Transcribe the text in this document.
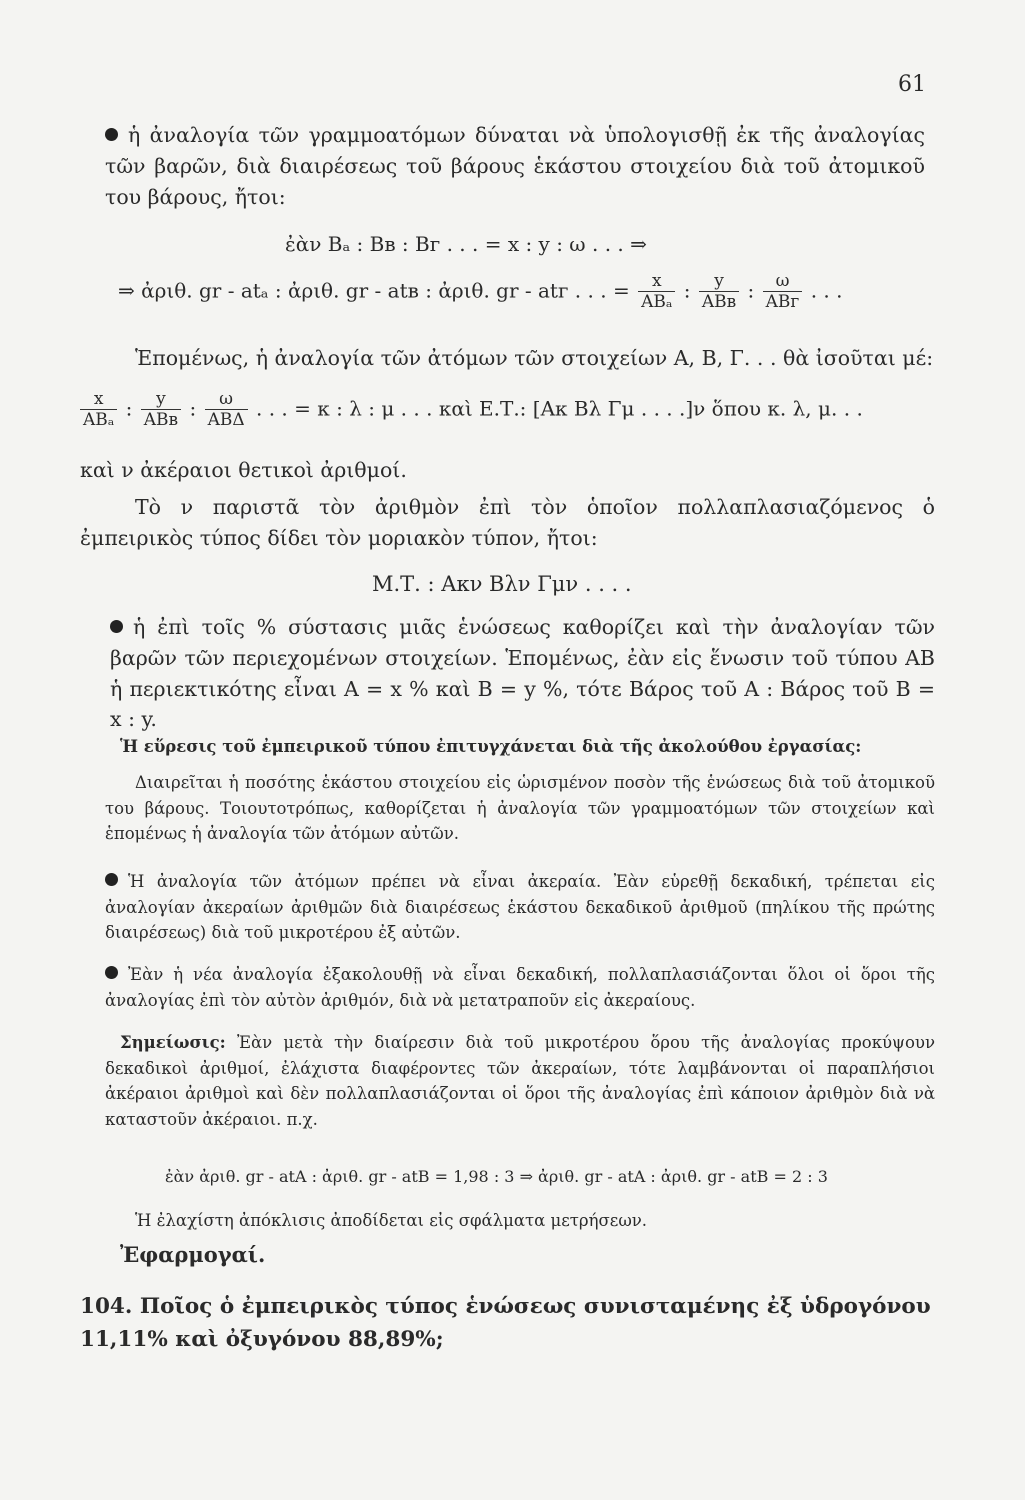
61
ἡ ἀναλογία τῶν γραμμοατόμων δύναται νὰ ὑπολογισθῇ ἐκ τῆς ἀναλογίας τῶν βαρῶν, διὰ διαιρέσεως τοῦ βάρους ἑκάστου στοιχείου διὰ τοῦ ἀτομικοῦ του βάρους, ἤτοι:
ἐὰν Βₐ : Βʙ : Βг . . . = x : y : ω . . . ⇒
⇒ ἀριθ. gr - atₐ : ἀριθ. gr - atʙ : ἀριθ. gr - atг . . . = $\frac{x}{\text{ABₐ}}$ : $\frac{y}{\text{ABʙ}}$ : $\frac{\omega}{\text{ABг}}$ . . .
Ἑπομένως, ἡ ἀναλογία τῶν ἀτόμων τῶν στοιχείων Α, Β, Γ. . . θὰ ἰσοῦται μέ:
$\frac{x}{\text{ABₐ}}$ : $\frac{y}{\text{ABʙ}}$ : $\frac{\omega}{\text{ABΔ}}$ . . . = κ : λ : μ . . . καὶ Ε.Τ.: [Aκ Bλ Γμ . . . .]ν ὅπου κ. λ, μ. . .
καὶ ν ἀκέραιοι θετικοὶ ἀριθμοί.
Τὸ ν παριστᾶ τὸν ἀριθμὸν ἐπὶ τὸν ὁποῖον πολλαπλασιαζόμενος ὁ ἐμπειρικὸς τύπος δίδει τὸν μοριακὸν τύπον, ἤτοι:
Μ.Τ. : Aκν Bλν Γμν . . . .
ἡ ἐπὶ τοῖς % σύστασις μιᾶς ἑνώσεως καθορίζει καὶ τὴν ἀναλογίαν τῶν βαρῶν τῶν περιεχομένων στοιχείων. Ἑπομένως, ἐὰν εἰς ἕνωσιν τοῦ τύπου ΑΒ ἡ περιεκτικότης εἶναι Α = x % καὶ Β = y %, τότε Βάρος τοῦ Α : Βάρος τοῦ Β = x : y.
Ἡ εὕρεσις τοῦ ἐμπειρικοῦ τύπου ἐπιτυγχάνεται διὰ τῆς ἀκολούθου ἐργασίας:
Διαιρεῖται ἡ ποσότης ἑκάστου στοιχείου εἰς ὡρισμένον ποσὸν τῆς ἑνώσεως διὰ τοῦ ἀτομικοῦ του βάρους. Τοιουτοτρόπως, καθορίζεται ἡ ἀναλογία τῶν γραμμοατόμων τῶν στοιχείων καὶ ἑπομένως ἡ ἀναλογία τῶν ἀτόμων αὐτῶν.
Ἡ ἀναλογία τῶν ἀτόμων πρέπει νὰ εἶναι ἀκεραία. Ἐὰν εὑρεθῇ δεκαδική, τρέπεται εἰς ἀναλογίαν ἀκεραίων ἀριθμῶν διὰ διαιρέσεως ἑκάστου δεκαδικοῦ ἀριθμοῦ (πηλίκου τῆς πρώτης διαιρέσεως) διὰ τοῦ μικροτέρου ἐξ αὐτῶν.
Ἐὰν ἡ νέα ἀναλογία ἐξακολουθῇ νὰ εἶναι δεκαδική, πολλαπλασιάζονται ὅλοι οἱ ὅροι τῆς ἀναλογίας ἐπὶ τὸν αὐτὸν ἀριθμόν, διὰ νὰ μετατραποῦν εἰς ἀκεραίους.
Σημείωσις: Ἐὰν μετὰ τὴν διαίρεσιν διὰ τοῦ μικροτέρου ὅρου τῆς ἀναλογίας προκύψουν δεκαδικοὶ ἀριθμοί, ἐλάχιστα διαφέροντες τῶν ἀκεραίων, τότε λαμβάνονται οἱ παραπλήσιοι ἀκέραιοι ἀριθμοὶ καὶ δὲν πολλαπλασιάζονται οἱ ὅροι τῆς ἀναλογίας ἐπὶ κάποιον ἀριθμὸν διὰ νὰ καταστοῦν ἀκέραιοι. π.χ.
ἐὰν ἀριθ. gr - atA : ἀριθ. gr - atB = 1,98 : 3 ⇒ ἀριθ. gr - atA : ἀριθ. gr - atB = 2 : 3
Ἡ ἐλαχίστη ἀπόκλισις ἀποδίδεται εἰς σφάλματα μετρήσεων.
Ἐφαρμογαί.
104. Ποῖος ὁ ἐμπειρικὸς τύπος ἑνώσεως συνισταμένης ἐξ ὑδρογόνου 11,11% καὶ ὀξυγόνου 88,89%;
